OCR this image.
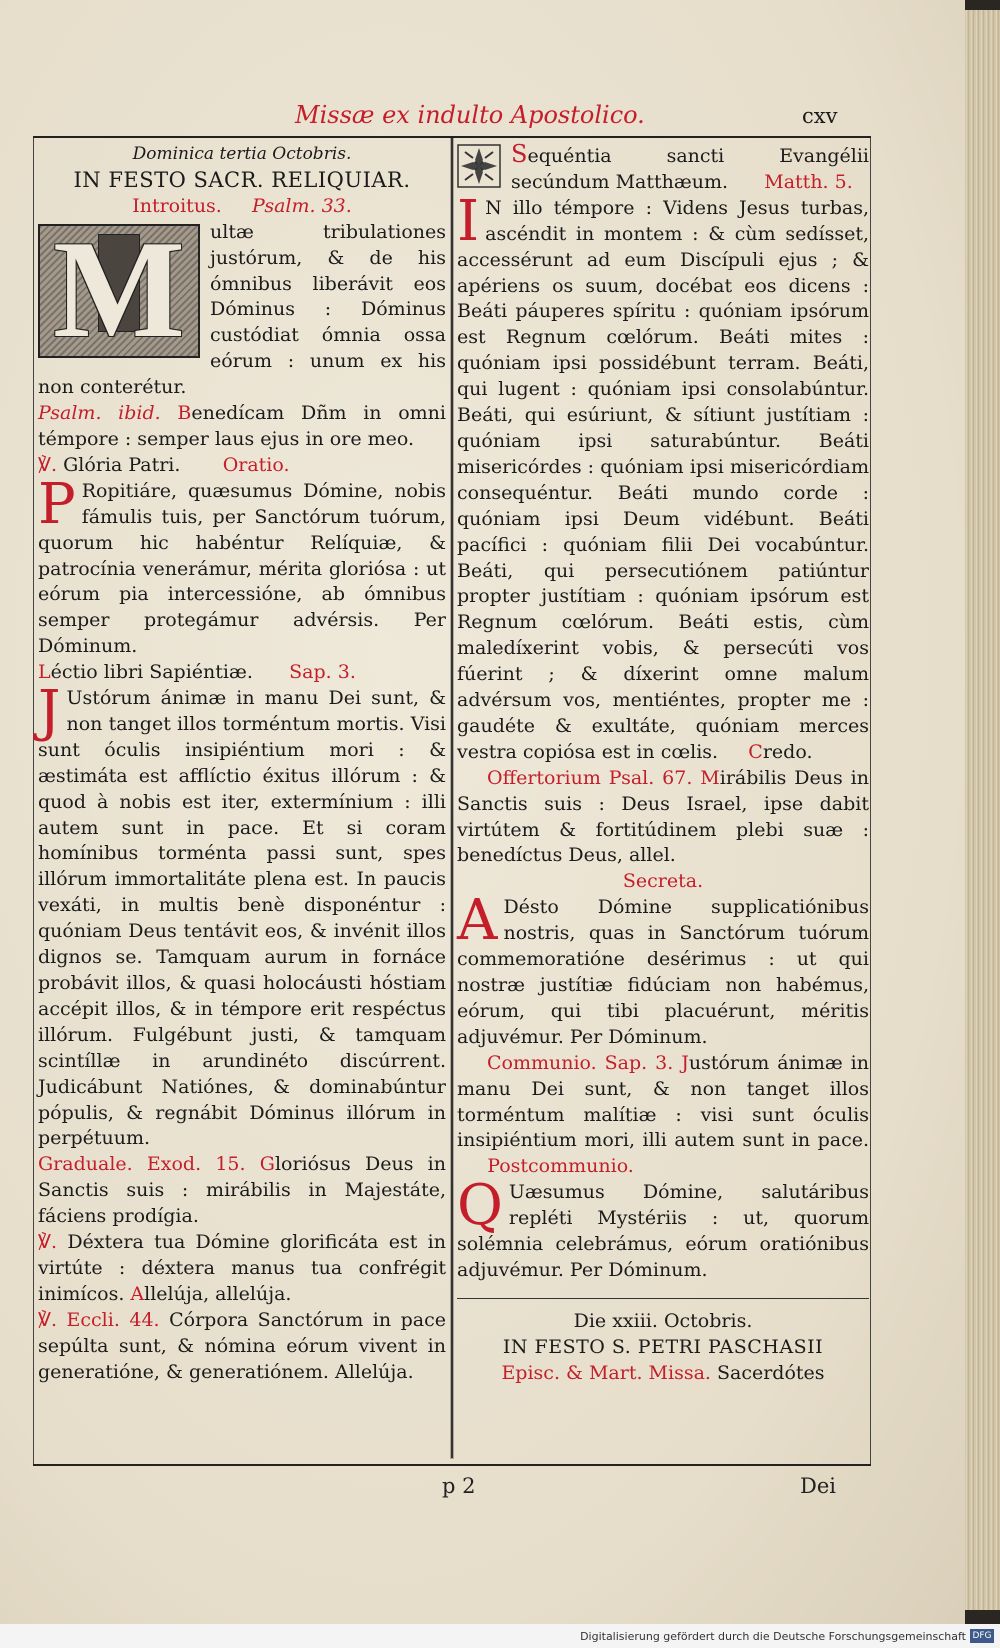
Missæ ex indulto Apostolico.	cxv

Dominica tertia Octobris.

IN FESTO SACR. RELIQUIAR.

Introitus. Psalm. 33.

M	ultæ tribulationes justórum, & de his ómnibus liberávit eos Dóminus : Dóminus custódiat ómnia ossa eórum : unum ex his non conterétur.

Psalm. ibid. Benedícam Dñm in omni témpore : semper laus ejus in ore meo.

℣. Glória Patri. Oratio.

P Ropitiáre, quæsumus Dómine, nobis fámulis tuis, per Sanctórum tuórum, quorum hic habéntur Relíquiæ, & patrocínia venerámur, mérita gloriósa : ut eórum pia intercessióne, ab ómnibus semper protegámur advérsis. Per Dóminum.

Léctio libri Sapiéntiæ. Sap. 3.

J Ustórum ánimæ in manu Dei sunt, & non tanget illos torméntum mortis. Visi sunt óculis insipiéntium mori : & æstimáta est afflíctio éxitus illórum : & quod à nobis est iter, extermínium : illi autem sunt in pace. Et si coram homínibus torménta passi sunt, spes illórum immortalitáte plena est. In paucis vexáti, in multis benè disponéntur : quóniam Deus tentávit eos, & invénit illos dignos se. Tamquam aurum in fornáce probávit illos, & quasi holocáusti hóstiam accépit illos, & in témpore erit respéctus illórum. Fulgébunt justi, & tamquam scintíllæ in arundinéto discúrrent. Judicábunt Natiónes, & dominabúntur pópulis, & regnábit Dóminus illórum in perpétuum.

Graduale. Exod. 15. Gloriósus Deus in Sanctis suis : mirábilis in Majestáte, fáciens prodígia.

℣. Déxtera tua Dómine glorificáta est in virtúte : déxtera manus tua confrégit inimícos. Allelúja, allelúja.

℣. Eccli. 44. Córpora Sanctórum in pace sepúlta sunt, & nómina eórum vivent in generatióne, & generatiónem. Allelúja.

Sequéntia sancti Evangélii secúndum Matthæum. Matth. 5.

I N illo témpore : Videns Jesus turbas, ascéndit in montem : & cùm sedísset, accessérunt ad eum Discípuli ejus ; & apériens os suum, docébat eos dicens : Beáti páuperes spíritu : quóniam ipsórum est Regnum cœlórum. Beáti mites : quóniam ipsi possidébunt terram. Beáti, qui lugent : quóniam ipsi consolabúntur. Beáti, qui esúriunt, & sítiunt justítiam : quóniam ipsi saturabúntur. Beáti misericórdes : quóniam ipsi misericórdiam consequéntur. Beáti mundo corde : quóniam ipsi Deum vidébunt. Beáti pacífici : quóniam filii Dei vocabúntur. Beáti, qui persecutiónem patiúntur propter justítiam : quóniam ipsórum est Regnum cœlórum. Beáti estis, cùm maledíxerint vobis, & persecúti vos fúerint ; & díxerint omne malum advérsum vos, mentiéntes, propter me : gaudéte & exultáte, quóniam merces vestra copiósa est in cœlis. Credo.

Offertorium Psal. 67. Mirábilis Deus in Sanctis suis : Deus Israel, ipse dabit virtútem & fortitúdinem plebi suæ : benedíctus Deus, allel.

Secreta.

A Désto Dómine supplicatiónibus nostris, quas in Sanctórum tuórum commemoratióne desérimus : ut qui nostræ justítiæ fidúciam non habémus, eórum, qui tibi placuérunt, méritis adjuvémur. Per Dóminum.

Communio. Sap. 3. Justórum ánimæ in manu Dei sunt, & non tanget illos torméntum malítiæ : visi sunt óculis insipiéntium mori, illi autem sunt in pace.      Postcommunio.

Q Uæsumus Dómine, salutáribus repléti Mystériis : ut, quorum solémnia celebrámus, eórum oratiónibus adjuvémur. Per Dóminum.

Die xxiii. Octobris.

IN FESTO S. PETRI PASCHASII

Episc. & Mart. Missa. Sacerdótes

p 2	Dei
Digitalisierung gefördert durch die Deutsche Forschungsgemeinschaft DFG
